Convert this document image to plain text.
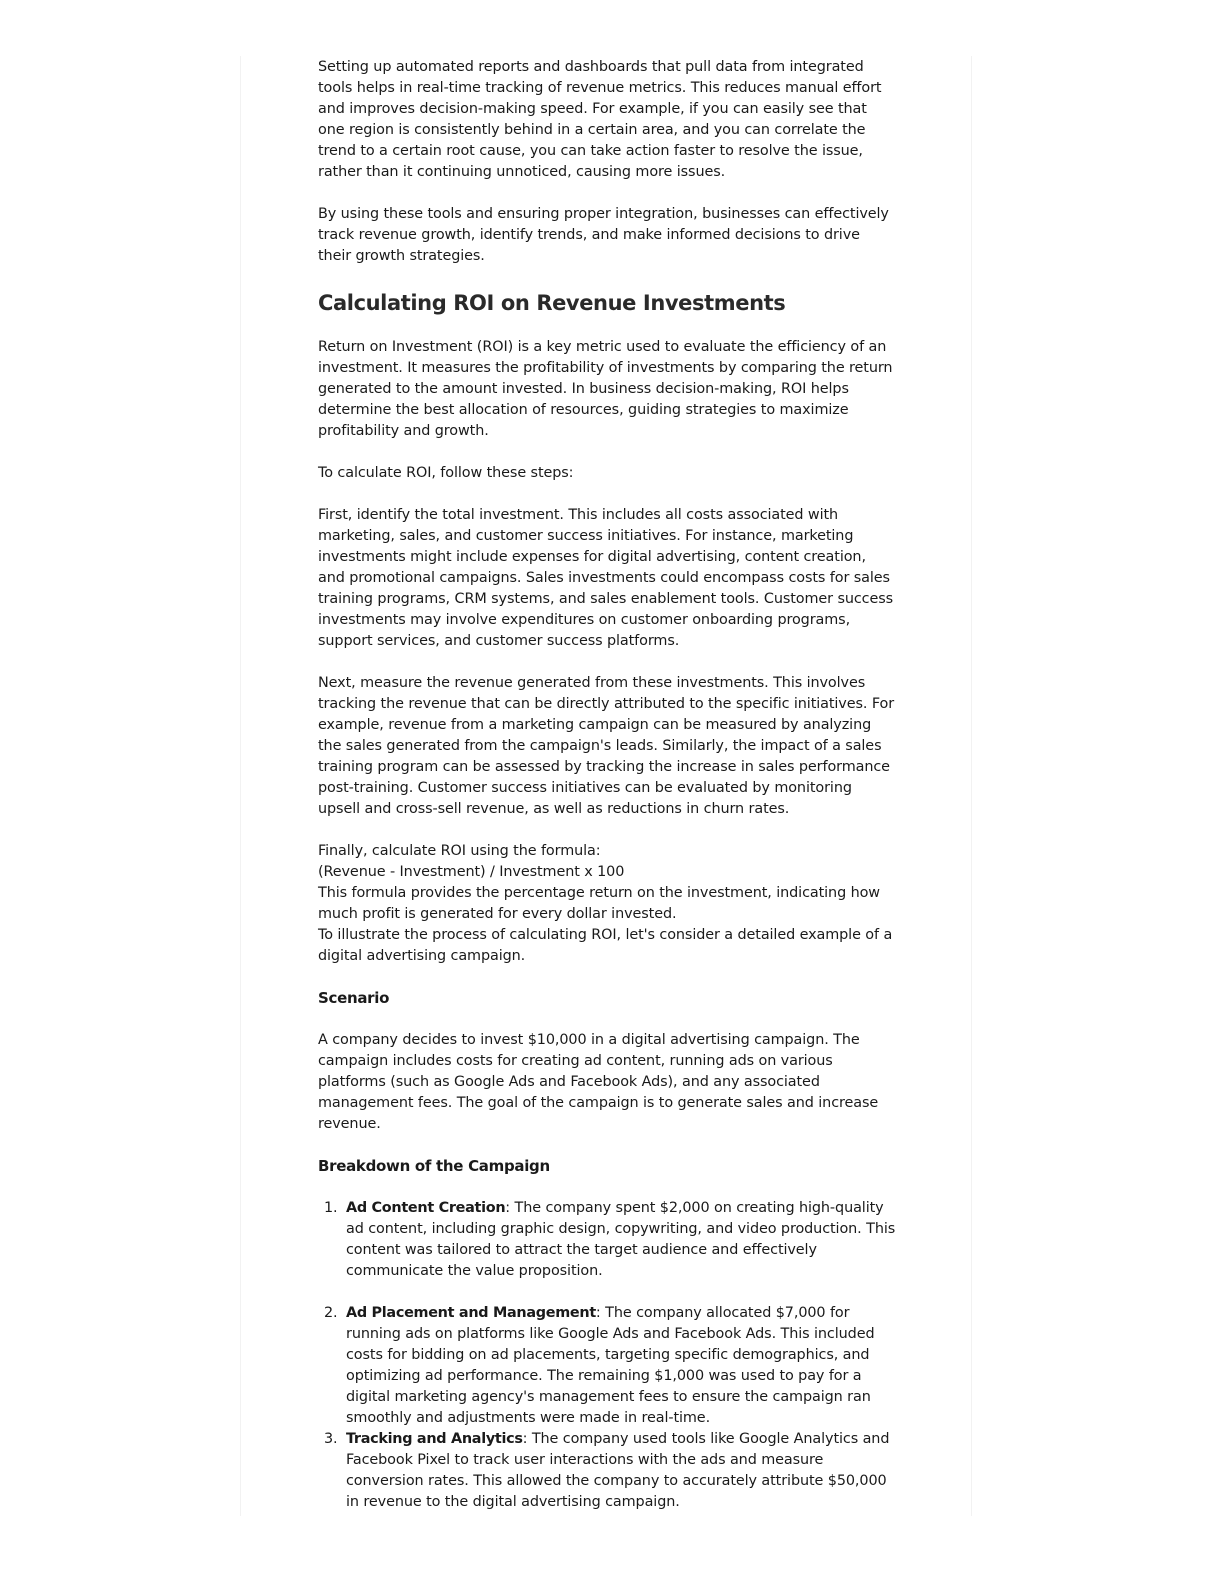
Setting up automated reports and dashboards that pull data from integrated tools helps in real-time tracking of revenue metrics. This reduces manual effort and improves decision-making speed. For example, if you can easily see that one region is consistently behind in a certain area, and you can correlate the trend to a certain root cause, you can take action faster to resolve the issue, rather than it continuing unnoticed, causing more issues.

By using these tools and ensuring proper integration, businesses can effectively track revenue growth, identify trends, and make informed decisions to drive their growth strategies.

Calculating ROI on Revenue Investments

Return on Investment (ROI) is a key metric used to evaluate the efficiency of an investment. It measures the profitability of investments by comparing the return generated to the amount invested. In business decision-making, ROI helps determine the best allocation of resources, guiding strategies to maximize profitability and growth.

To calculate ROI, follow these steps:

First, identify the total investment. This includes all costs associated with marketing, sales, and customer success initiatives. For instance, marketing investments might include expenses for digital advertising, content creation, and promotional campaigns. Sales investments could encompass costs for sales training programs, CRM systems, and sales enablement tools. Customer success investments may involve expenditures on customer onboarding programs, support services, and customer success platforms.

Next, measure the revenue generated from these investments. This involves tracking the revenue that can be directly attributed to the specific initiatives. For example, revenue from a marketing campaign can be measured by analyzing the sales generated from the campaign's leads. Similarly, the impact of a sales training program can be assessed by tracking the increase in sales performance post-training. Customer success initiatives can be evaluated by monitoring upsell and cross-sell revenue, as well as reductions in churn rates.

Finally, calculate ROI using the formula:

(Revenue - Investment) / Investment x 100

This formula provides the percentage return on the investment, indicating how much profit is generated for every dollar invested.

To illustrate the process of calculating ROI, let's consider a detailed example of a digital advertising campaign.

Scenario

A company decides to invest $10,000 in a digital advertising campaign. The campaign includes costs for creating ad content, running ads on various platforms (such as Google Ads and Facebook Ads), and any associated management fees. The goal of the campaign is to generate sales and increase revenue.

Breakdown of the Campaign
1. Ad Content Creation: The company spent $2,000 on creating high-quality ad content, including graphic design, copywriting, and video production. This content was tailored to attract the target audience and effectively communicate the value proposition.
2. Ad Placement and Management: The company allocated $7,000 for running ads on platforms like Google Ads and Facebook Ads. This included costs for bidding on ad placements, targeting specific demographics, and optimizing ad performance. The remaining $1,000 was used to pay for a digital marketing agency's management fees to ensure the campaign ran smoothly and adjustments were made in real-time.
3. Tracking and Analytics: The company used tools like Google Analytics and Facebook Pixel to track user interactions with the ads and measure conversion rates. This allowed the company to accurately attribute $50,000 in revenue to the digital advertising campaign.
